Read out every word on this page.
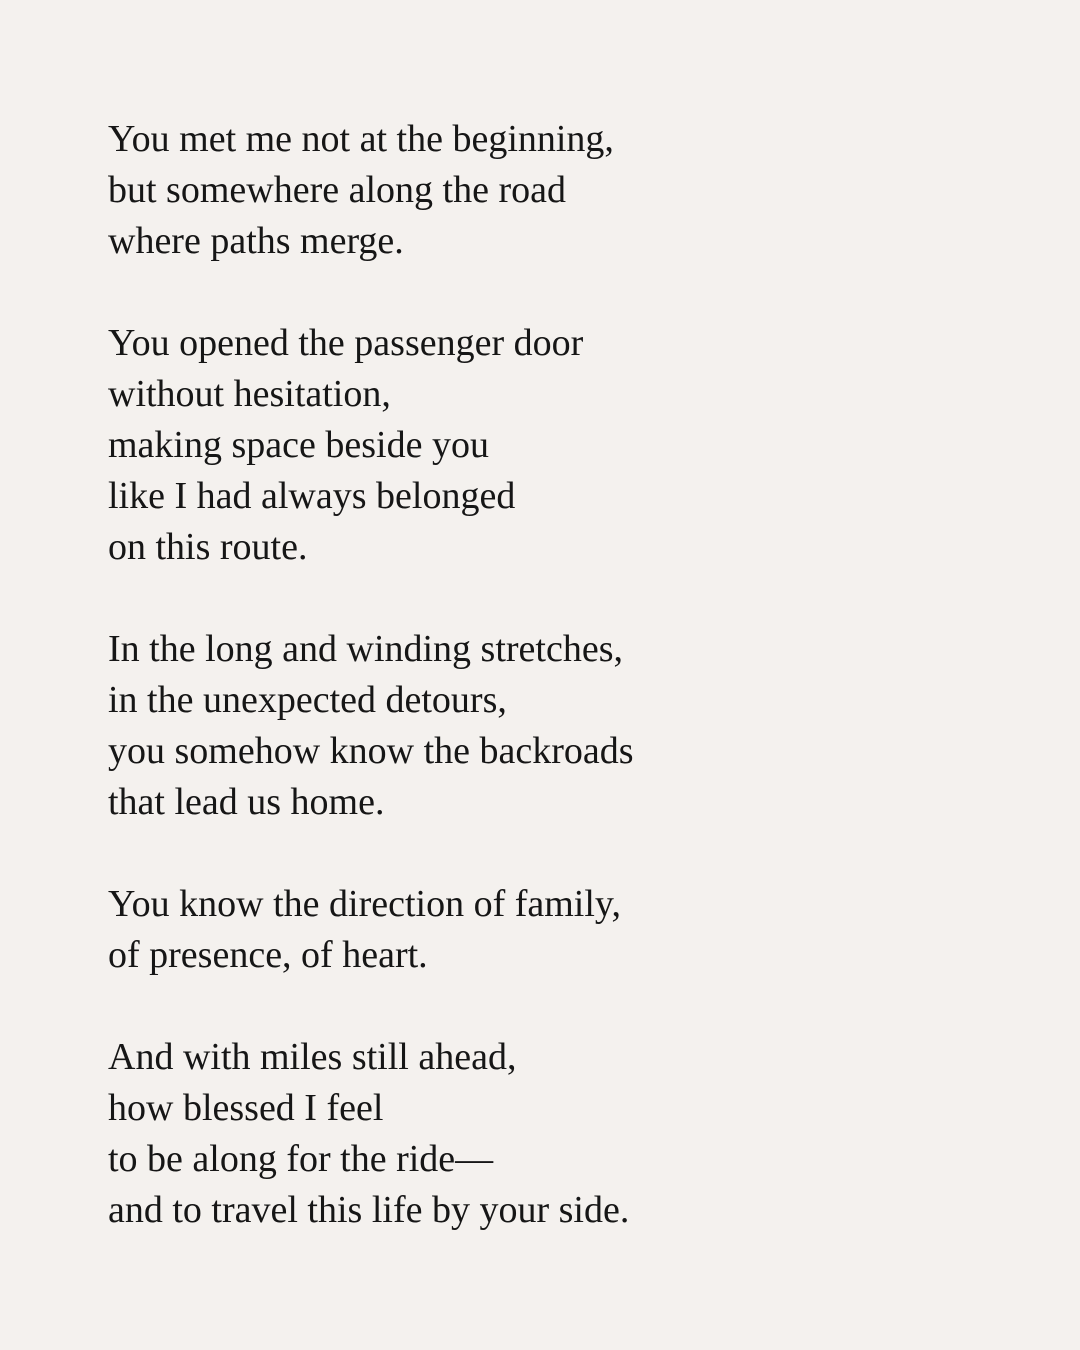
You met me not at the beginning,
but somewhere along the road
where paths merge.
You opened the passenger door
without hesitation,
making space beside you
like I had always belonged
on this route.
In the long and winding stretches,
in the unexpected detours,
you somehow know the backroads
that lead us home.
You know the direction of family,
of presence, of heart.
And with miles still ahead,
how blessed I feel
to be along for the ride—
and to travel this life by your side.
